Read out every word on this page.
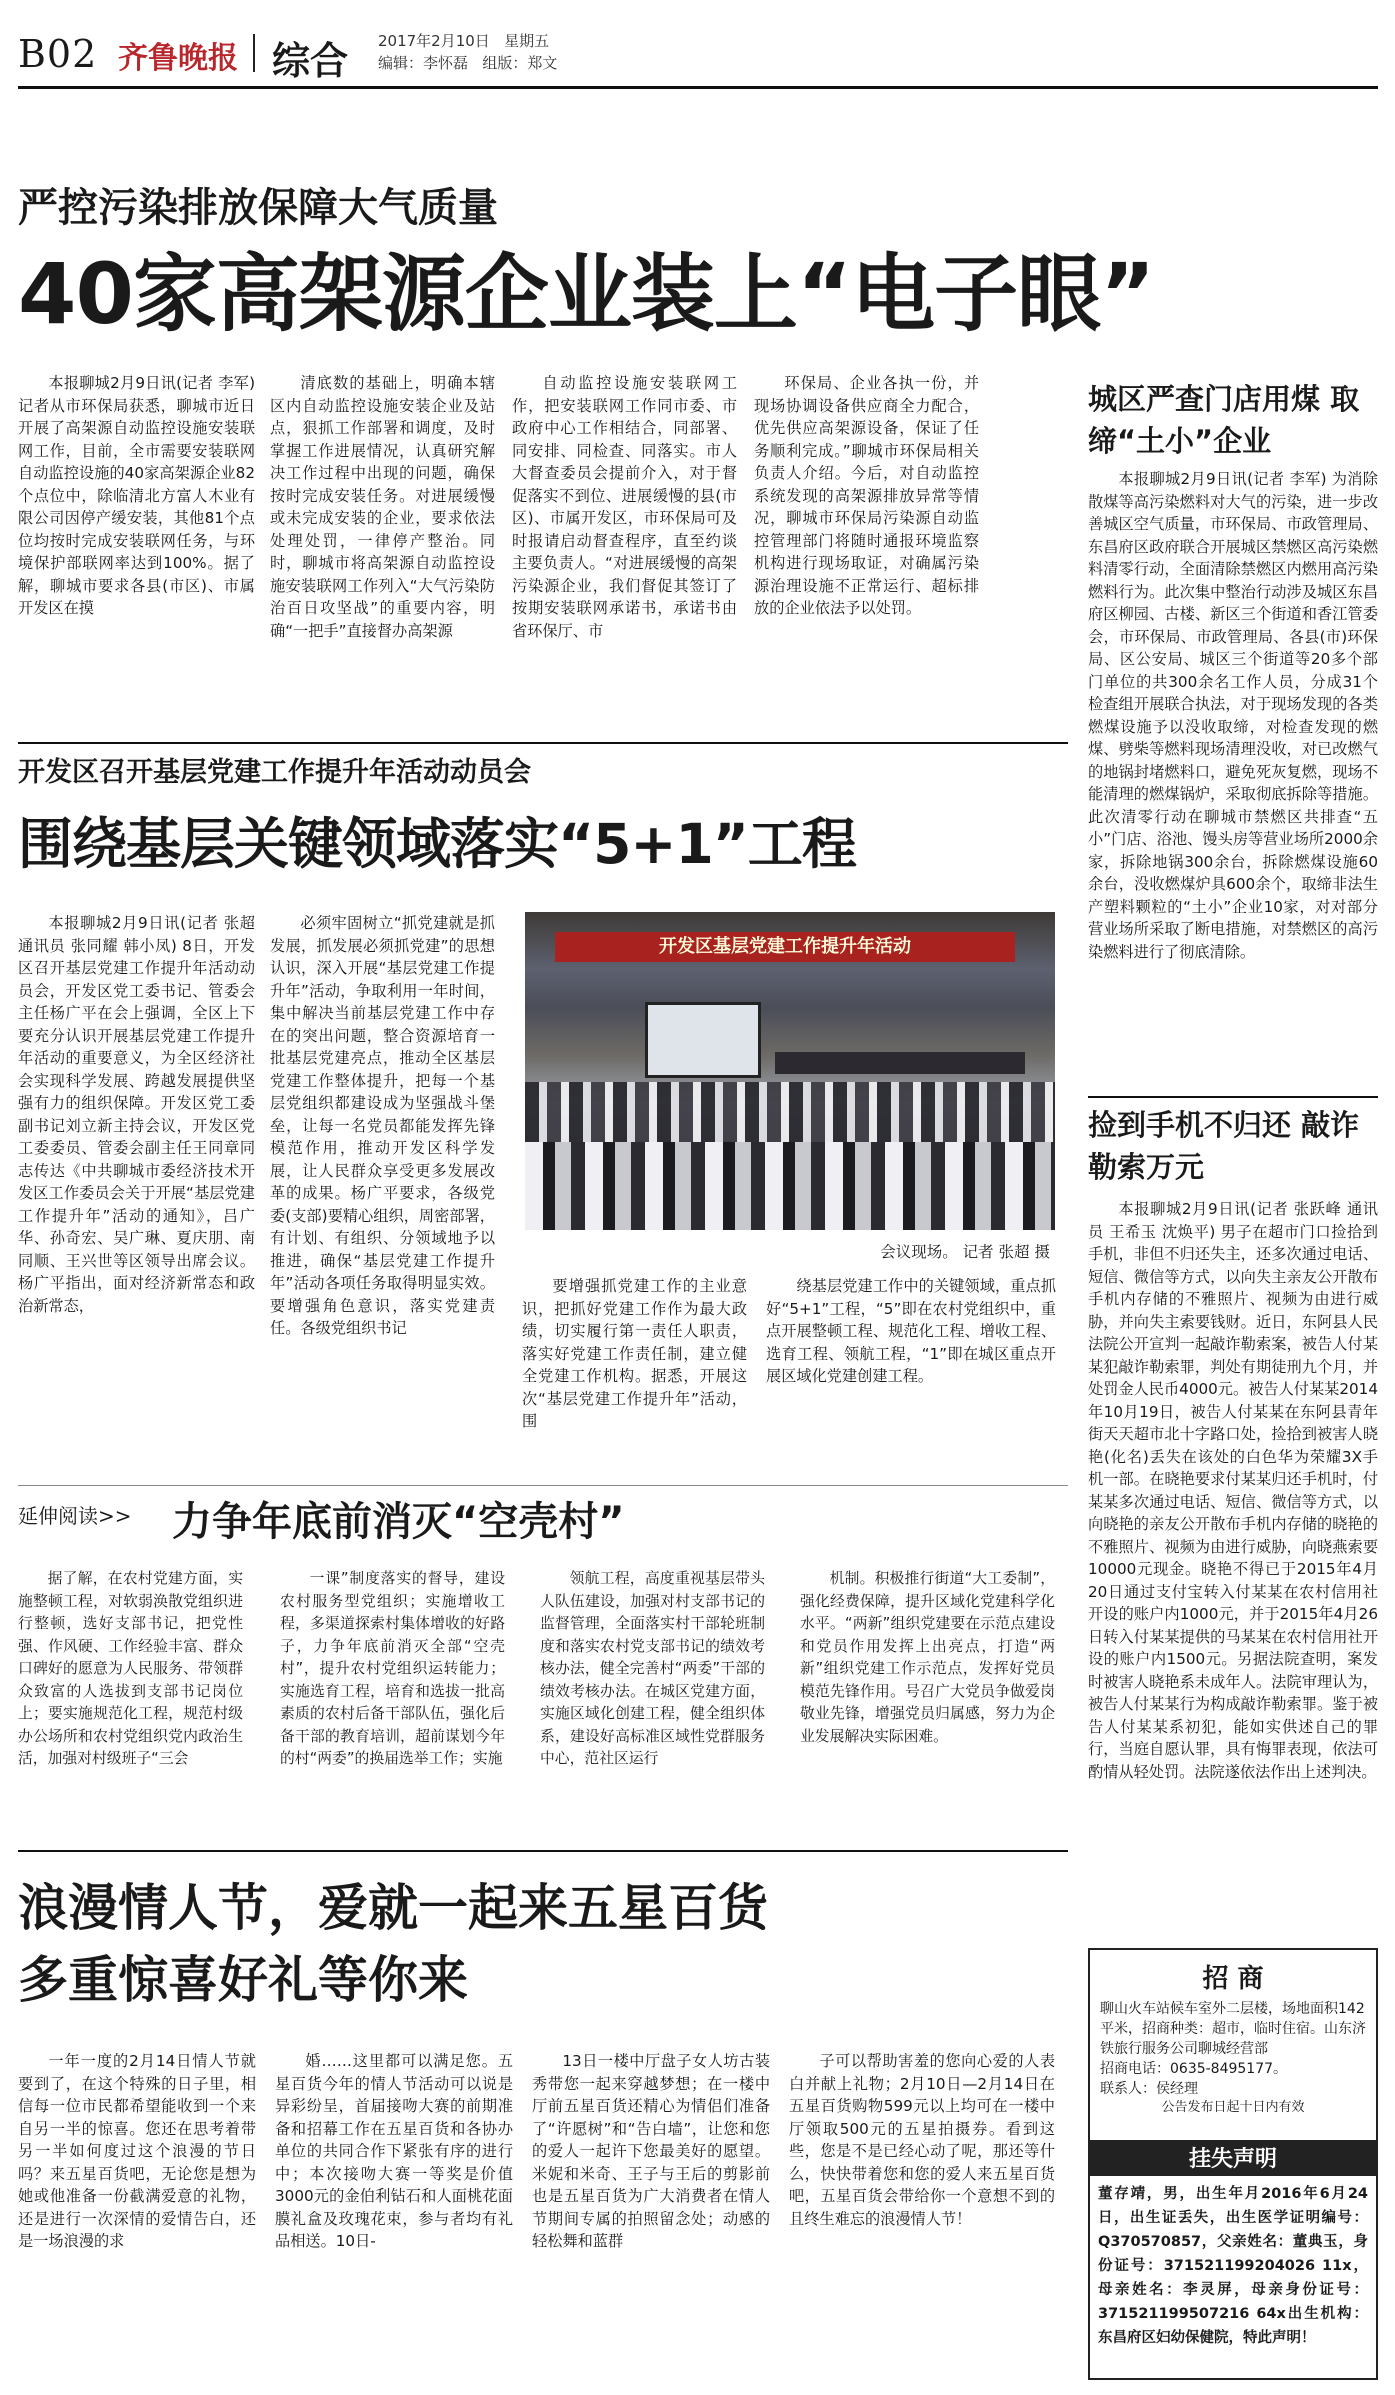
B02 齐鲁晚报 综合 2017年2月10日 星期五
编辑：李怀磊 组版：郑文
严控污染排放保障大气质量
40家高架源企业装上“电子眼”

本报聊城2月9日讯(记者 李军) 记者从市环保局获悉，聊城市近日开展了高架源自动监控设施安装联网工作，目前，全市需要安装联网自动监控设施的40家高架源企业82个点位中，除临清北方富人木业有限公司因停产缓安装，其他81个点位均按时完成安装联网任务，与环境保护部联网率达到100%。据了解，聊城市要求各县(市区)、市属开发区在摸

清底数的基础上，明确本辖区内自动监控设施安装企业及站点，狠抓工作部署和调度，及时掌握工作进展情况，认真研究解决工作过程中出现的问题，确保按时完成安装任务。对进展缓慢或未完成安装的企业，要求依法处理处罚，一律停产整治。同时，聊城市将高架源自动监控设施安装联网工作列入“大气污染防治百日攻坚战”的重要内容，明确“一把手”直接督办高架源

自动监控设施安装联网工作，把安装联网工作同市委、市政府中心工作相结合，同部署、同安排、同检查、同落实。市人大督查委员会提前介入，对于督促落实不到位、进展缓慢的县(市区)、市属开发区，市环保局可及时报请启动督查程序，直至约谈主要负责人。“对进展缓慢的高架污染源企业，我们督促其签订了按期安装联网承诺书，承诺书由省环保厅、市

环保局、企业各执一份，并现场协调设备供应商全力配合，优先供应高架源设备，保证了任务顺利完成。”聊城市环保局相关负责人介绍。今后，对自动监控系统发现的高架源排放异常等情况，聊城市环保局污染源自动监控管理部门将随时通报环境监察机构进行现场取证，对确属污染源治理设施不正常运行、超标排放的企业依法予以处罚。

城区严查门店用煤 取缔“土小”企业

本报聊城2月9日讯(记者 李军) 为消除散煤等高污染燃料对大气的污染，进一步改善城区空气质量，市环保局、市政管理局、东昌府区政府联合开展城区禁燃区高污染燃料清零行动，全面清除禁燃区内燃用高污染燃料行为。此次集中整治行动涉及城区东昌府区柳园、古楼、新区三个街道和香江管委会，市环保局、市政管理局、各县(市)环保局、区公安局、城区三个街道等20多个部门单位的共300余名工作人员，分成31个检查组开展联合执法，对于现场发现的各类燃煤设施予以没收取缔，对检查发现的燃煤、劈柴等燃料现场清理没收，对已改燃气的地锅封堵燃料口，避免死灰复燃，现场不能清理的燃煤锅炉，采取彻底拆除等措施。此次清零行动在聊城市禁燃区共排查“五小”门店、浴池、馒头房等营业场所2000余家，拆除地锅300余台，拆除燃煤设施60余台，没收燃煤炉具600余个，取缔非法生产塑料颗粒的“土小”企业10家，对对部分营业场所采取了断电措施，对禁燃区的高污染燃料进行了彻底清除。

捡到手机不归还 敲诈勒索万元

本报聊城2月9日讯(记者 张跃峰 通讯员 王希玉 沈焕平) 男子在超市门口捡拾到手机，非但不归还失主，还多次通过电话、短信、微信等方式，以向失主亲友公开散布手机内存储的不雅照片、视频为由进行威胁，并向失主索要钱财。近日，东阿县人民法院公开宣判一起敲诈勒索案，被告人付某某犯敲诈勒索罪，判处有期徒刑九个月，并处罚金人民币4000元。被告人付某某2014年10月19日，被告人付某某在东阿县青年街天天超市北十字路口处，捡拾到被害人晓艳(化名)丢失在该处的白色华为荣耀3X手机一部。在晓艳要求付某某归还手机时，付某某多次通过电话、短信、微信等方式，以向晓艳的亲友公开散布手机内存储的晓艳的不雅照片、视频为由进行威胁，向晓燕索要10000元现金。晓艳不得已于2015年4月20日通过支付宝转入付某某在农村信用社开设的账户内1000元，并于2015年4月26日转入付某某提供的马某某在农村信用社开设的账户内1500元。另据法院查明，案发时被害人晓艳系未成年人。法院审理认为，被告人付某某行为构成敲诈勒索罪。鉴于被告人付某某系初犯，能如实供述自己的罪行，当庭自愿认罪，具有悔罪表现，依法可酌情从轻处罚。法院遂依法作出上述判决。

开发区召开基层党建工作提升年活动动员会
围绕基层关键领域落实“5+1”工程

本报聊城2月9日讯(记者 张超 通讯员 张同耀 韩小凤) 8日，开发区召开基层党建工作提升年活动动员会，开发区党工委书记、管委会主任杨广平在会上强调，全区上下要充分认识开展基层党建工作提升年活动的重要意义，为全区经济社会实现科学发展、跨越发展提供坚强有力的组织保障。开发区党工委副书记刘立新主持会议，开发区党工委委员、管委会副主任王同章同志传达《中共聊城市委经济技术开发区工作委员会关于开展“基层党建工作提升年”活动的通知》，吕广华、孙奇宏、吴广琳、夏庆朋、南同顺、王兴世等区领导出席会议。杨广平指出，面对经济新常态和政治新常态，

必须牢固树立“抓党建就是抓发展，抓发展必须抓党建”的思想认识，深入开展“基层党建工作提升年”活动，争取利用一年时间，集中解决当前基层党建工作中存在的突出问题，整合资源培育一批基层党建亮点，推动全区基层党建工作整体提升，把每一个基层党组织都建设成为坚强战斗堡垒，让每一名党员都能发挥先锋模范作用，推动开发区科学发展，让人民群众享受更多发展改革的成果。杨广平要求，各级党委(支部)要精心组织，周密部署，有计划、有组织、分领域地予以推进，确保“基层党建工作提升年”活动各项任务取得明显实效。要增强角色意识，落实党建责任。各级党组织书记

开发区基层党建工作提升年活动
会议现场。 记者 张超 摄

要增强抓党建工作的主业意识，把抓好党建工作作为最大政绩，切实履行第一责任人职责，落实好党建工作责任制，建立健全党建工作机构。据悉，开展这次“基层党建工作提升年”活动，围

绕基层党建工作中的关键领域，重点抓好“5+1”工程，“5”即在农村党组织中，重点开展整顿工程、规范化工程、增收工程、选育工程、领航工程，“1”即在城区重点开展区域化党建创建工程。

延伸阅读>> 力争年底前消灭“空壳村”

据了解，在农村党建方面，实施整顿工程，对软弱涣散党组织进行整顿，选好支部书记，把党性强、作风硬、工作经验丰富、群众口碑好的愿意为人民服务、带领群众致富的人选拔到支部书记岗位上；要实施规范化工程，规范村级办公场所和农村党组织党内政治生活，加强对村级班子“三会

一课”制度落实的督导，建设农村服务型党组织；实施增收工程，多渠道探索村集体增收的好路子，力争年底前消灭全部“空壳村”，提升农村党组织运转能力；实施选育工程，培育和选拔一批高素质的农村后备干部队伍，强化后备干部的教育培训，超前谋划今年的村“两委”的换届选举工作；实施

领航工程，高度重视基层带头人队伍建设，加强对村支部书记的监督管理，全面落实村干部轮班制度和落实农村党支部书记的绩效考核办法，健全完善村“两委”干部的绩效考核办法。在城区党建方面，实施区域化创建工程，健全组织体系，建设好高标准区域性党群服务中心，范社区运行

机制。积极推行街道“大工委制”，强化经费保障，提升区域化党建科学化水平。“两新”组织党建要在示范点建设和党员作用发挥上出亮点，打造“两新”组织党建工作示范点，发挥好党员模范先锋作用。号召广大党员争做爱岗敬业先锋，增强党员归属感，努力为企业发展解决实际困难。

浪漫情人节，爱就一起来五星百货
多重惊喜好礼等你来

一年一度的2月14日情人节就要到了，在这个特殊的日子里，相信每一位市民都希望能收到一个来自另一半的惊喜。您还在思考着带另一半如何度过这个浪漫的节日吗？来五星百货吧，无论您是想为她或他准备一份截满爱意的礼物，还是进行一次深情的爱情告白，还是一场浪漫的求

婚……这里都可以满足您。五星百货今年的情人节活动可以说是异彩纷呈，首届接吻大赛的前期准备和招幕工作在五星百货和各协办单位的共同合作下紧张有序的进行中；本次接吻大赛一等奖是价值3000元的金伯利钻石和人面桃花面膜礼盒及玫瑰花束，参与者均有礼品相送。10日-

13日一楼中厅盘子女人坊古装秀带您一起来穿越梦想；在一楼中厅前五星百货还精心为情侣们准备了“许愿树”和“告白墙”，让您和您的爱人一起许下您最美好的愿望。米妮和米奇、王子与王后的剪影前也是五星百货为广大消费者在情人节期间专属的拍照留念处；动感的轻松舞和蓝群

子可以帮助害羞的您向心爱的人表白并献上礼物；2月10日—2月14日在五星百货购物599元以上均可在一楼中厅领取500元的五星拍摄券。看到这些，您是不是已经心动了呢，那还等什么，快快带着您和您的爱人来五星百货吧，五星百货会带给你一个意想不到的且终生难忘的浪漫情人节！

招 商
聊山火车站候车室外二层楼，场地面积142平米，招商种类：超市，临时住宿。山东济铁旅行服务公司聊城经营部
招商电话：0635-8495177。
联系人：侯经理
公告发布日起十日内有效
挂失声明
董存靖，男，出生年月2016年6月24日，出生证丢失，出生医学证明编号：Q370570857，父亲姓名：董典玉，身份证号：371521199204026 11x，母亲姓名：李灵屏，母亲身份证号：371521199507216 64x出生机构：东昌府区妇幼保健院，特此声明！
